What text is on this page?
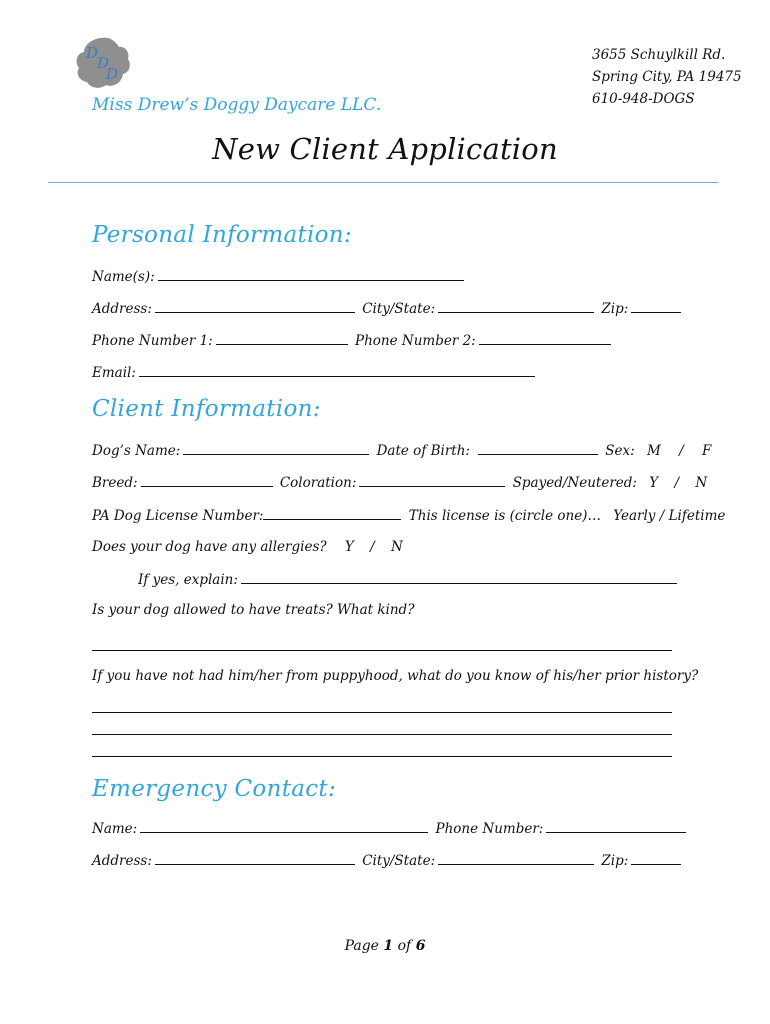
D
D
D
Miss Drew’s Doggy Daycare LLC.
3655 Schuylkill Rd.
Spring City, PA 19475
610-948-DOGS
New Client Application
Personal Information:
Name(s):
Address:	City/State:	Zip:
Phone Number 1:	Phone Number 2:
Email:
Client Information:
Dog’s Name:	Date of Birth:	Sex: M / F
Breed:	Coloration:	Spayed/Neutered: Y / N
PA Dog License Number:	This license is (circle one)… Yearly / Lifetime
Does your dog have any allergies? Y / N
If yes, explain:
Is your dog allowed to have treats? What kind?
If you have not had him/her from puppyhood, what do you know of his/her prior history?
Emergency Contact:
Name:	Phone Number:
Address:	City/State:	Zip:
Page 1 of 6
